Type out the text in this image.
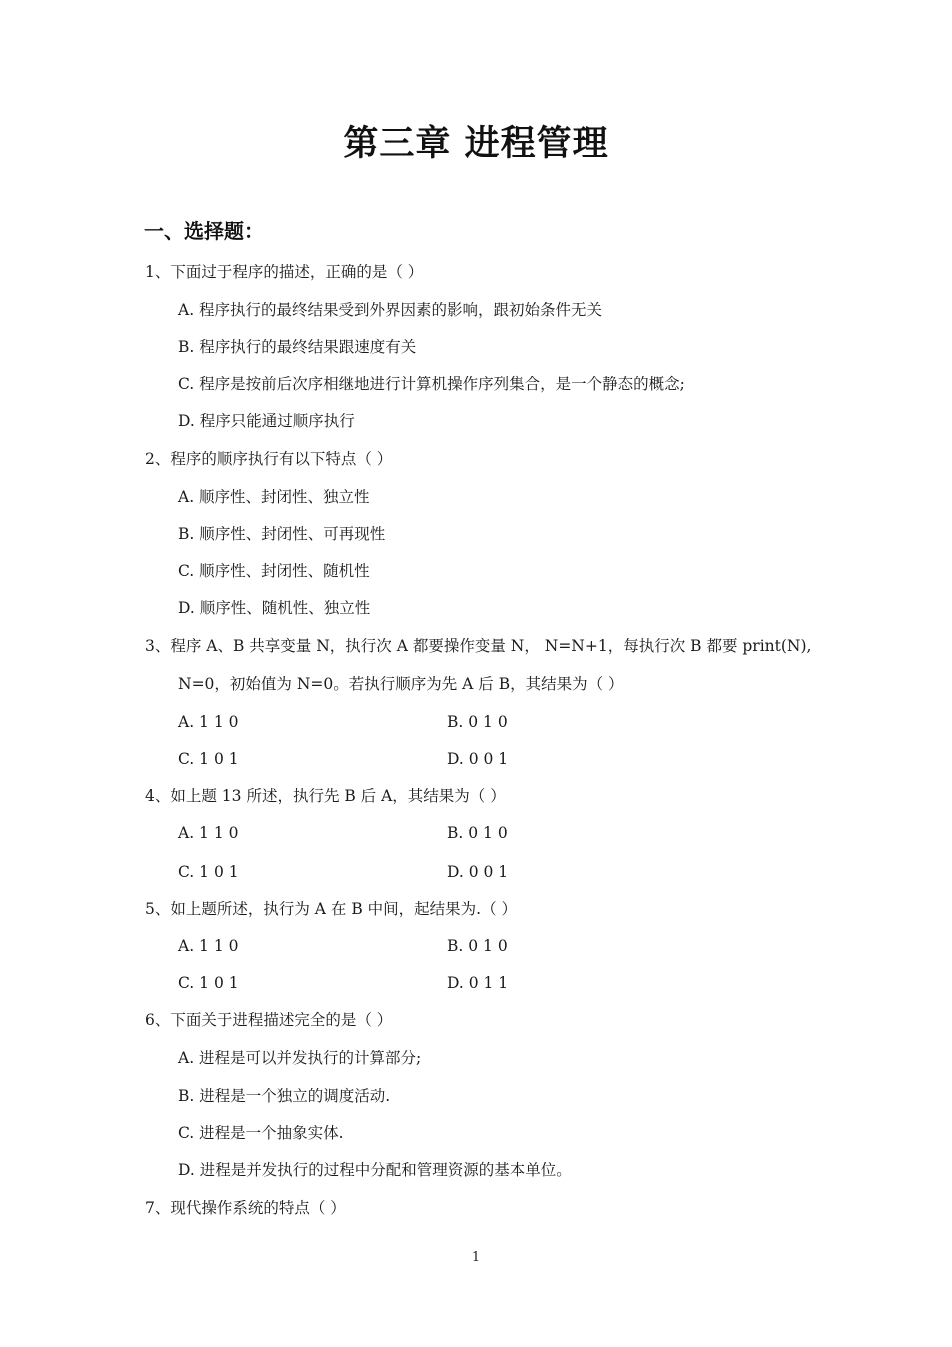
第三章 进程管理
一、选择题：
1、下面过于程序的描述，正确的是（ ）
A. 程序执行的最终结果受到外界因素的影响，跟初始条件无关
B. 程序执行的最终结果跟速度有关
C. 程序是按前后次序相继地进行计算机操作序列集合，是一个静态的概念;
D. 程序只能通过顺序执行
2、程序的顺序执行有以下特点（ ）
A. 顺序性、封闭性、独立性
B. 顺序性、封闭性、可再现性
C. 顺序性、封闭性、随机性
D. 顺序性、随机性、独立性
3、程序 A、B 共享变量 N，执行次 A 都要操作变量 N， N=N+1，每执行次 B 都要 print(N),
N=0，初始值为 N=0。若执行顺序为先 A 后 B，其结果为（ ）
A. 1 1 0	B. 0 1 0
C. 1 0 1	D. 0 0 1
4、如上题 13 所述，执行先 B 后 A，其结果为（ ）
A. 1 1 0	B. 0 1 0
C. 1 0 1	D. 0 0 1
5、如上题所述，执行为 A 在 B 中间，起结果为.（ ）
A. 1 1 0	B. 0 1 0
C. 1 0 1	D. 0 1 1
6、下面关于进程描述完全的是（ ）
A. 进程是可以并发执行的计算部分;
B. 进程是一个独立的调度活动.
C. 进程是一个抽象实体.
D. 进程是并发执行的过程中分配和管理资源的基本单位。
7、现代操作系统的特点（ ）
1
